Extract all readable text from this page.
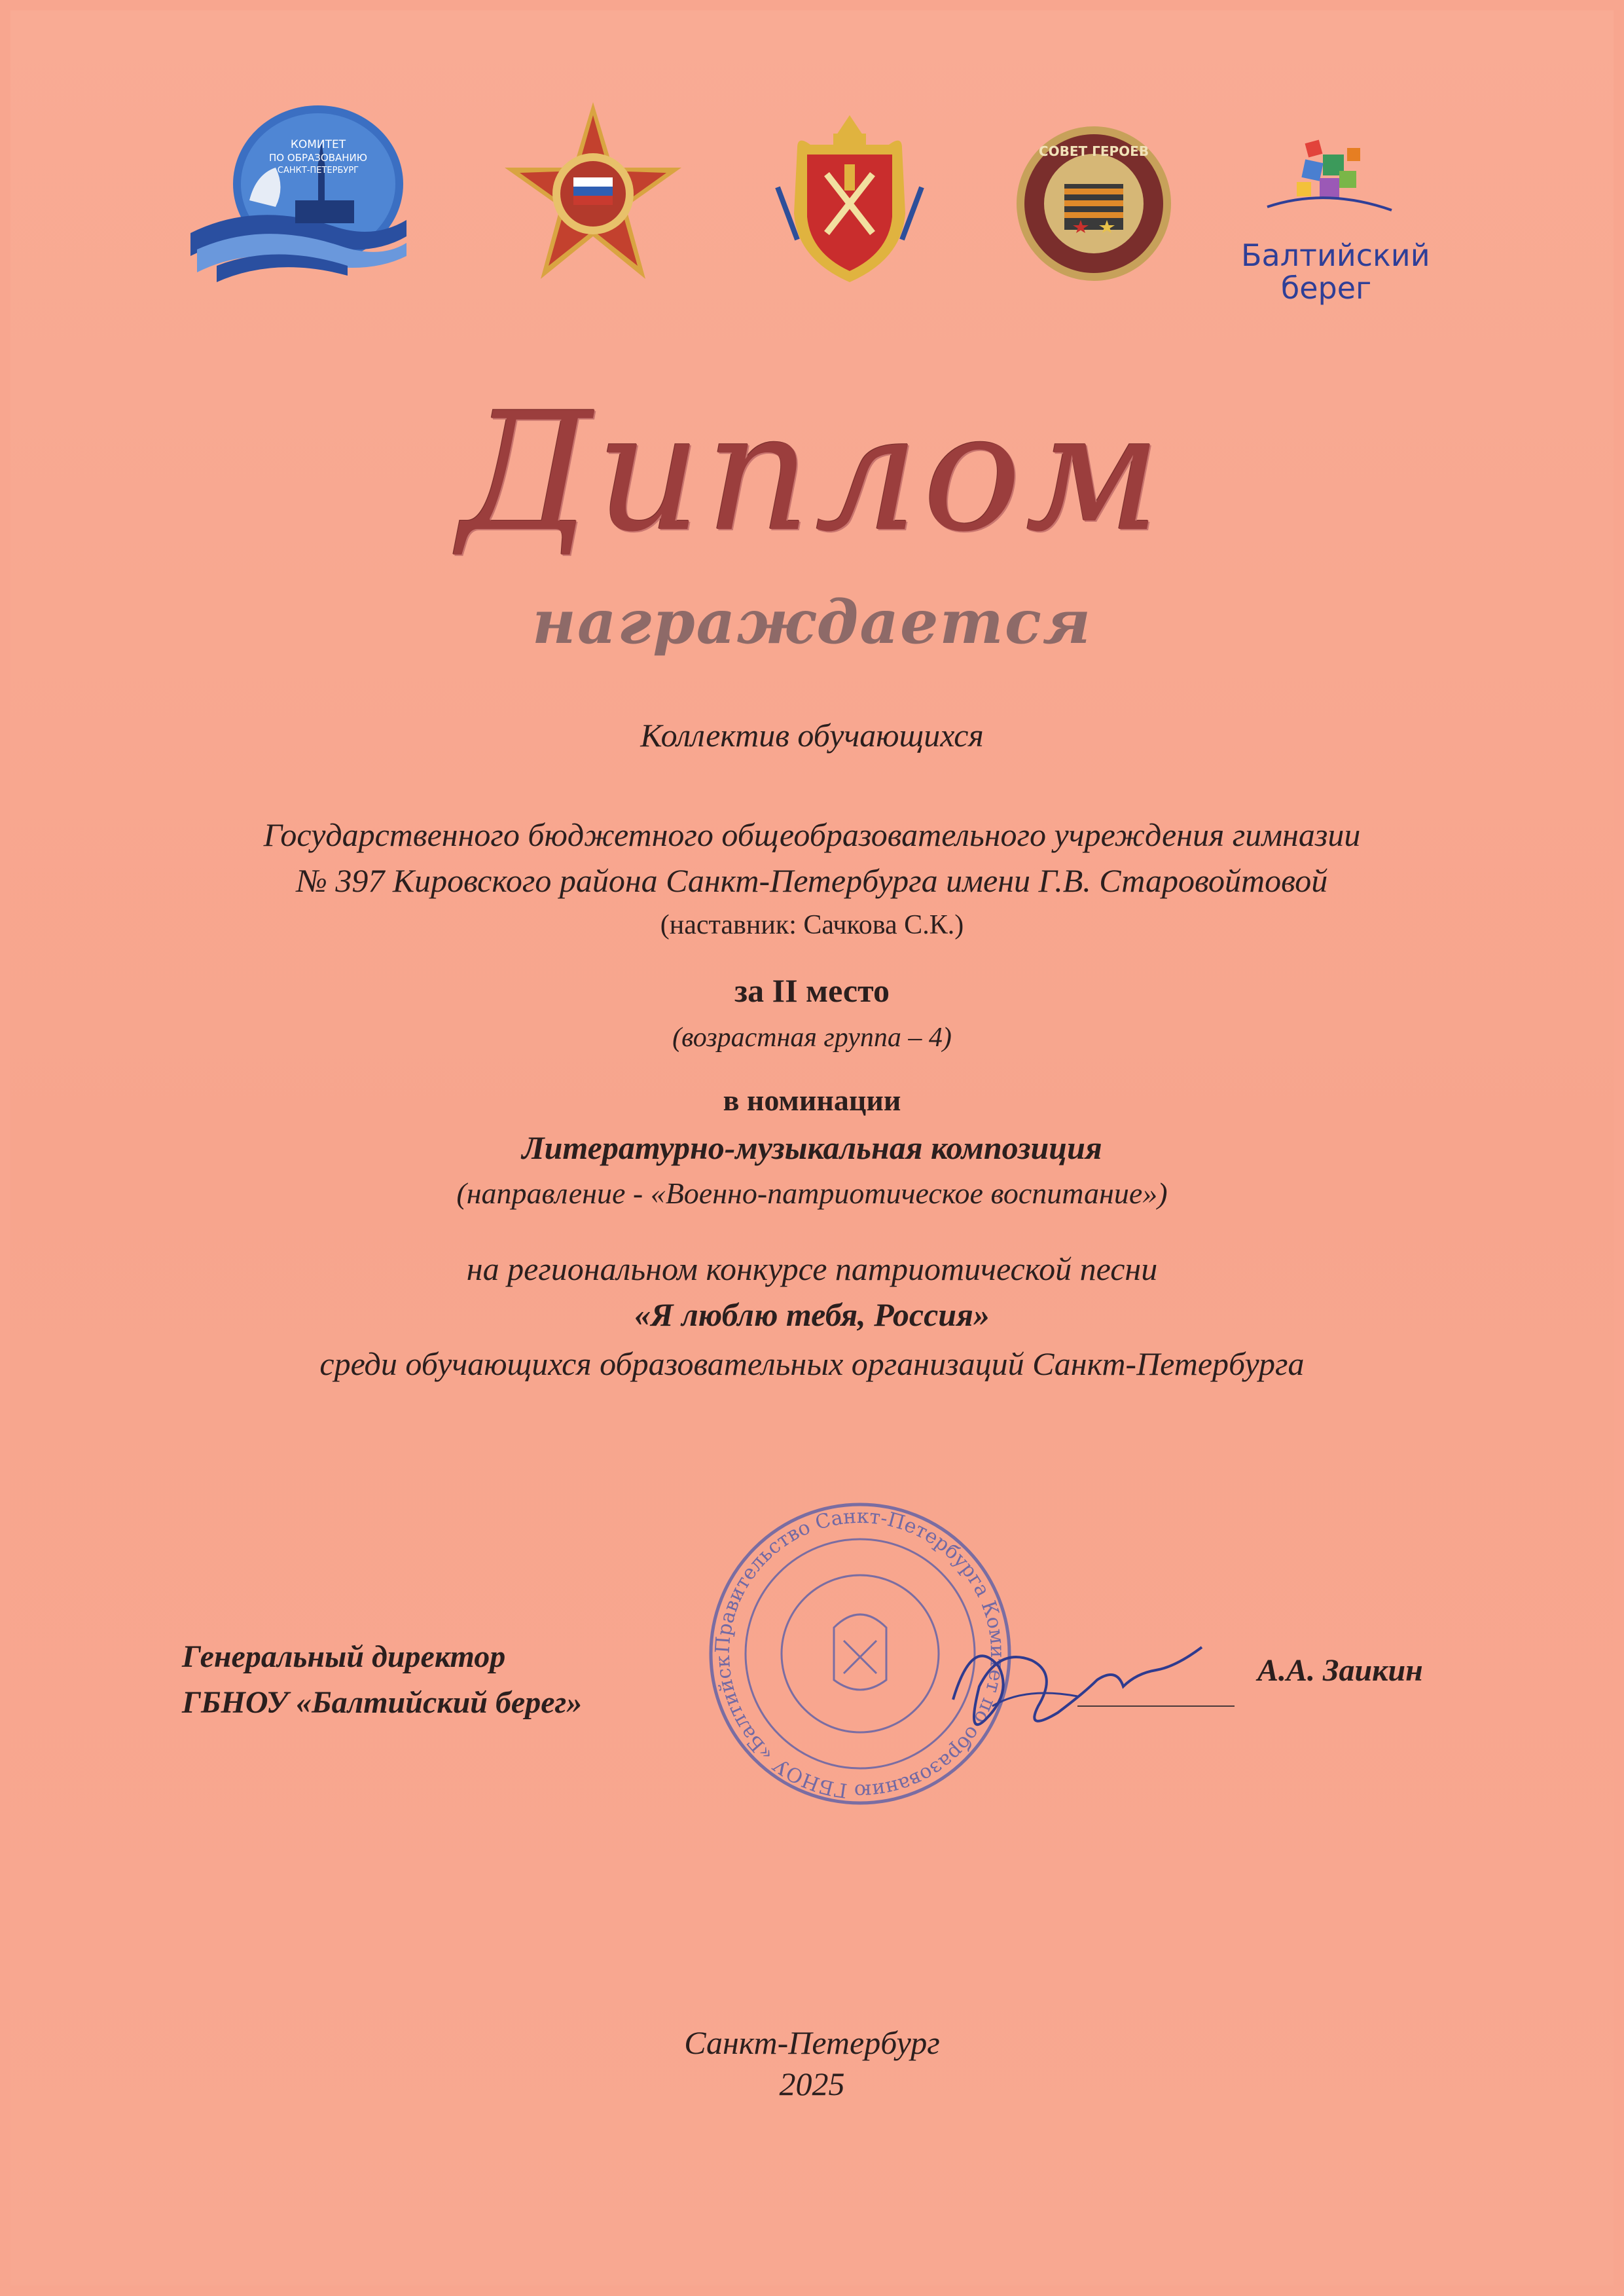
КОМИТЕТ
ПО ОБРАЗОВАНИЮ
САНКТ-ПЕТЕРБУРГ
СОВЕТ ГЕРОЕВ
Балтийский
берег
Диплом
награждается
Коллектив обучающихся
Государственного бюджетного общеобразовательного учреждения гимназии
№ 397 Кировского района Санкт-Петербурга имени Г.В. Старовойтовой
(наставник: Сачкова С.К.)
за II место
(возрастная группа – 4)
в номинации
Литературно-музыкальная композиция
(направление - «Военно-патриотическое воспитание»)
на региональном конкурсе патриотической песни
«Я люблю тебя, Россия»
среди обучающихся образовательных организаций Санкт-Петербурга
Правительство Санкт-Петербурга Комитет по образованию ГБНОУ «Балтийск
Генеральный директор
ГБНОУ «Балтийский берег»
А.А. Заикин
Санкт-Петербург
2025
